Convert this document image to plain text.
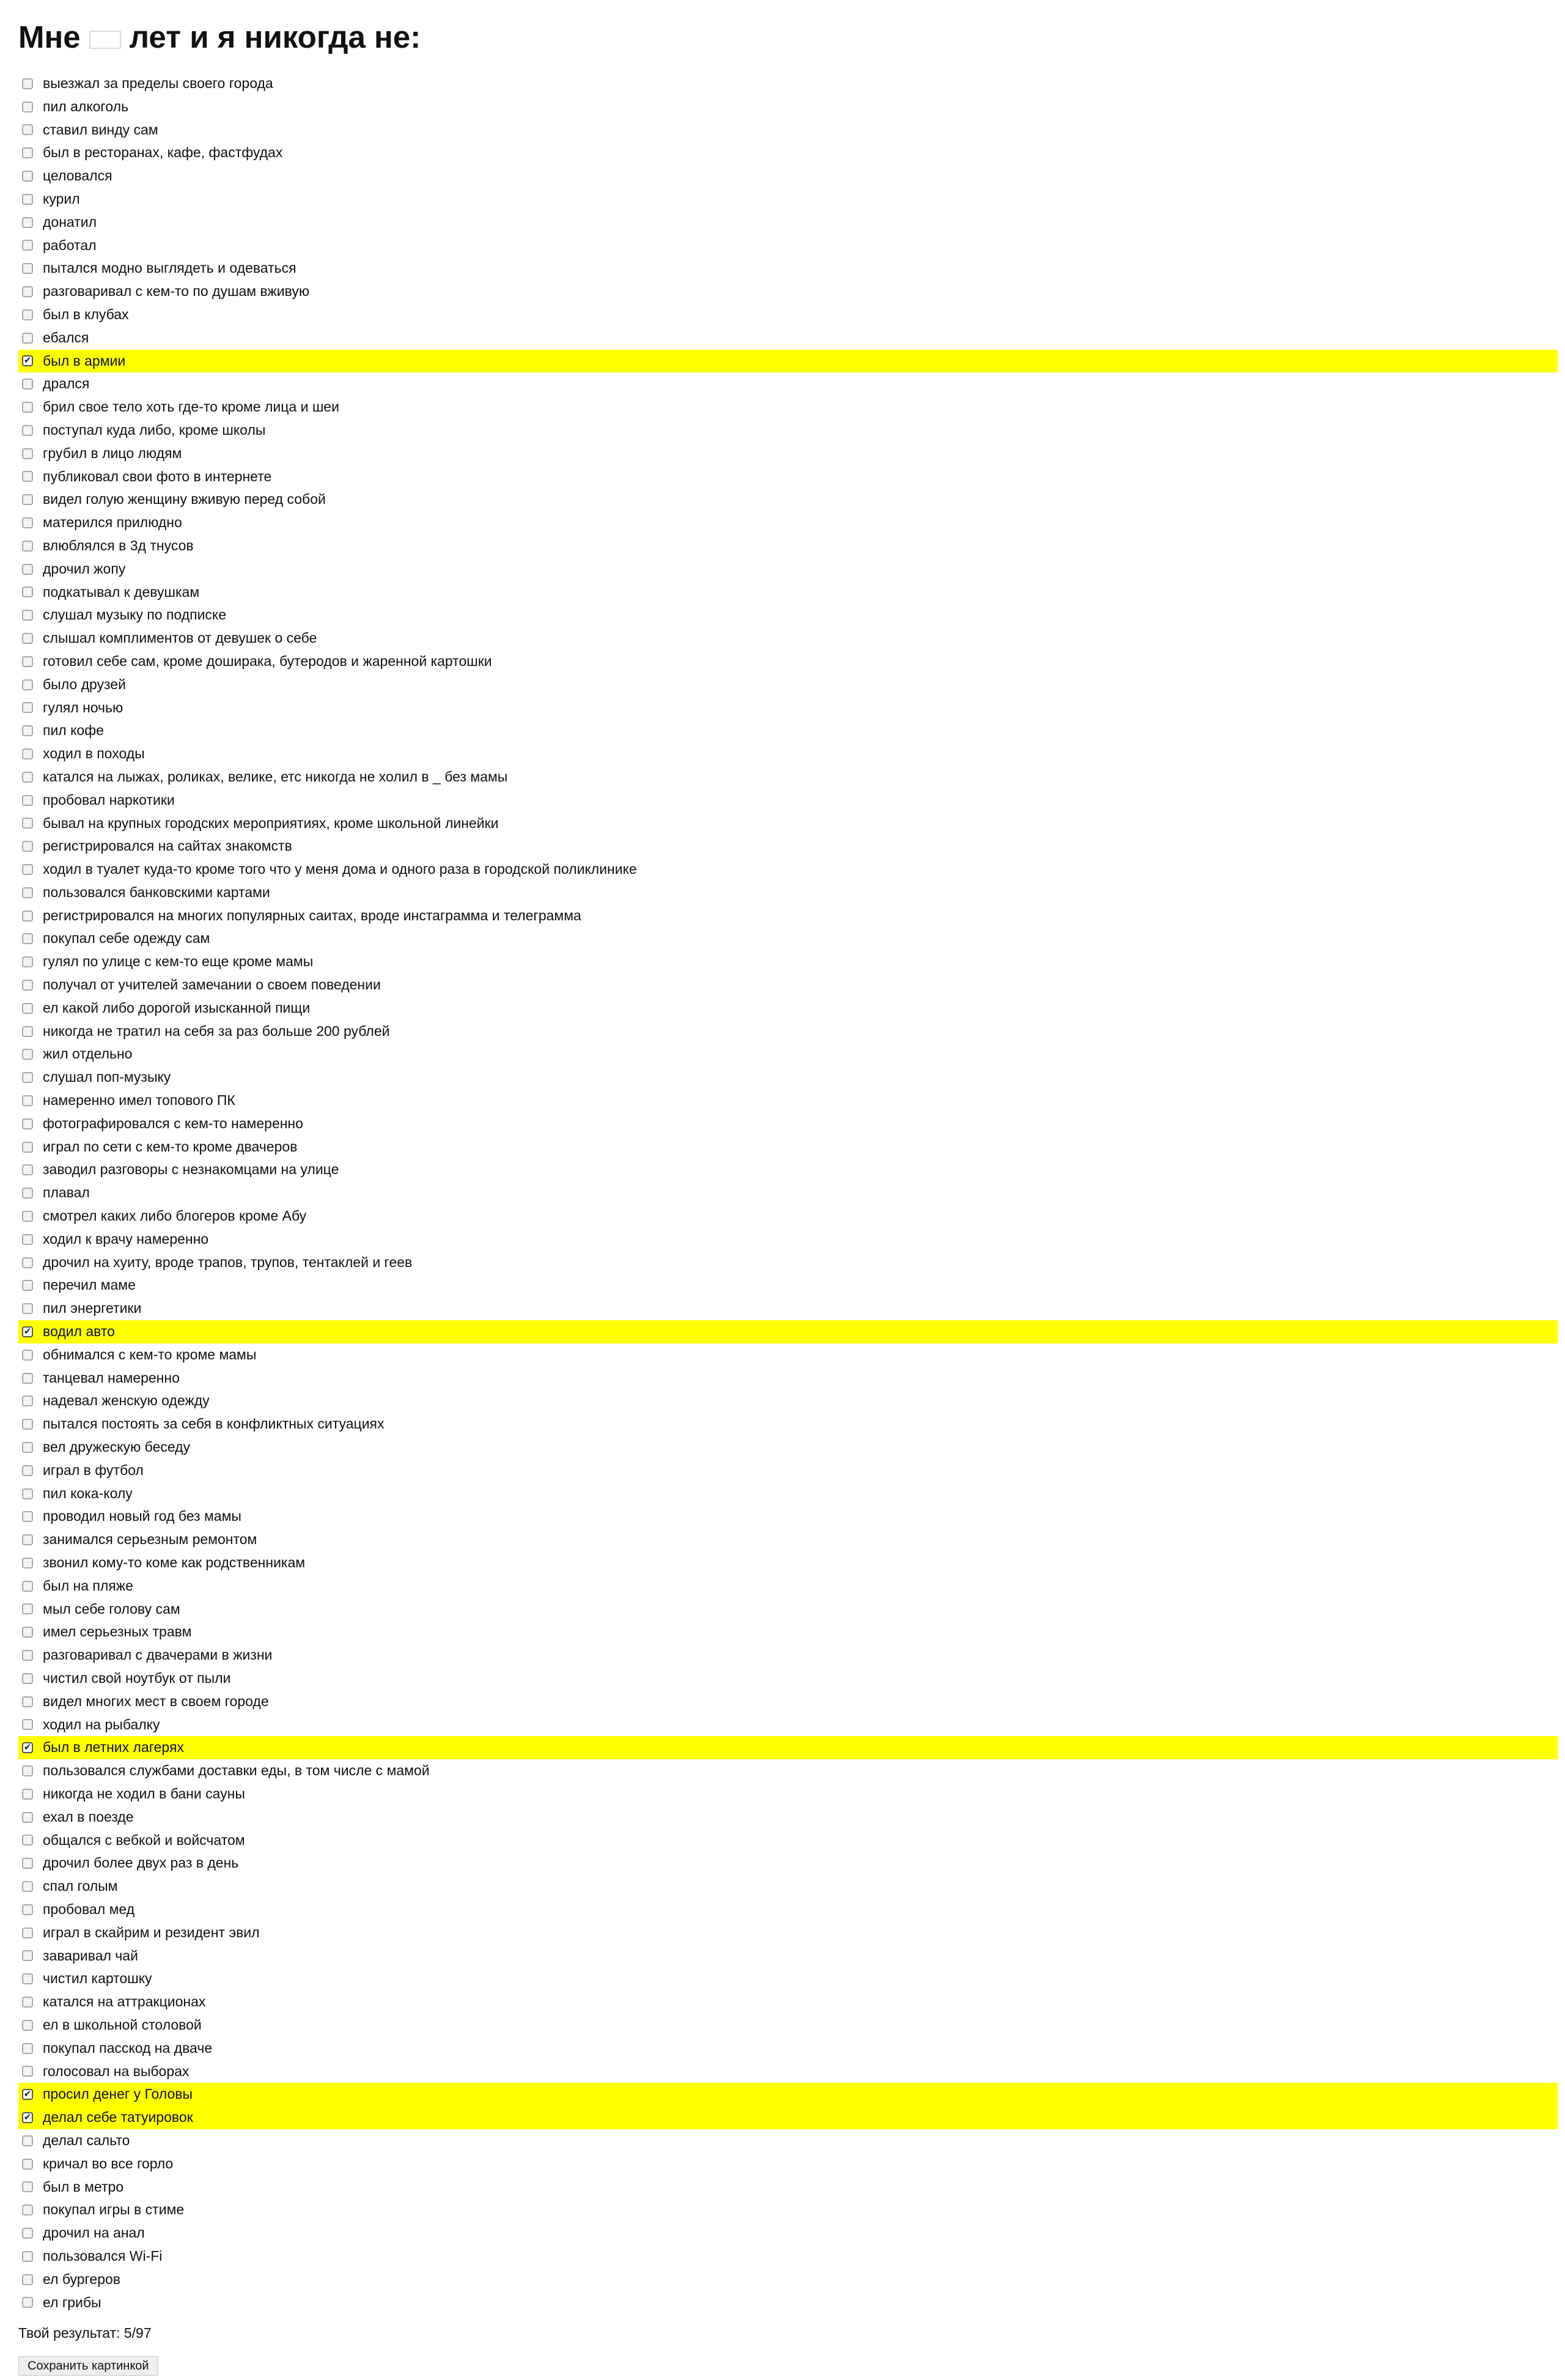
Мне лет и я никогда не:
выезжал за пределы своего города
пил алкоголь
ставил винду сам
был в ресторанах, кафе, фастфудах
целовался
курил
донатил
работал
пытался модно выглядеть и одеваться
разговаривал с кем-то по душам вживую
был в клубах
ебался
✔ был в армии
дрался
брил свое тело хоть где-то кроме лица и шеи
поступал куда либо, кроме школы
грубил в лицо людям
публиковал свои фото в интернете
видел голую женщину вживую перед собой
матерился прилюдно
влюблялся в 3д тнусов
дрочил жопу
подкатывал к девушкам
слушал музыку по подписке
слышал комплиментов от девушек о себе
готовил себе сам, кроме доширака, бутеродов и жаренной картошки
было друзей
гулял ночью
пил кофе
ходил в походы
катался на лыжах, роликах, велике, етс никогда не холил в _ без мамы
пробовал наркотики
бывал на крупных городских мероприятиях, кроме школьной линейки
регистрировался на сайтах знакомств
ходил в туалет куда-то кроме того что у меня дома и одного раза в городской поликлинике
пользовался банковскими картами
регистрировался на многих популярных саитах, вроде инстаграмма и телеграмма
покупал себе одежду сам
гулял по улице с кем-то еще кроме мамы
получал от учителей замечании о своем поведении
ел какой либо дорогой изысканной пищи
никогда не тратил на себя за раз больше 200 рублей
жил отдельно
слушал поп-музыку
намеренно имел топового ПК
фотографировался с кем-то намеренно
играл по сети с кем-то кроме двачеров
заводил разговоры с незнакомцами на улице
плавал
смотрел каких либо блогеров кроме Абу
ходил к врачу намеренно
дрочил на хуиту, вроде трапов, трупов, тентаклей и геев
перечил маме
пил энергетики
✔ водил авто
обнимался с кем-то кроме мамы
танцевал намеренно
надевал женскую одежду
пытался постоять за себя в конфликтных ситуациях
вел дружескую беседу
играл в футбол
пил кока-колу
проводил новый год без мамы
занимался серьезным ремонтом
звонил кому-то коме как родственникам
был на пляже
мыл себе голову сам
имел серьезных травм
разговаривал с двачерами в жизни
чистил свой ноутбук от пыли
видел многих мест в своем городе
ходил на рыбалку
✔ был в летних лагерях
пользовался службами доставки еды, в том числе с мамой
никогда не ходил в бани сауны
ехал в поезде
общался с вебкой и войсчатом
дрочил более двух раз в день
спал голым
пробовал мед
играл в скайрим и резидент эвил
заваривал чай
чистил картошку
катался на аттракционах
ел в школьной столовой
покупал пасскод на дваче
голосовал на выборах
✔ просил денег у Головы
✔ делал себе татуировок
делал сальто
кричал во все горло
был в метро
покупал игры в стиме
дрочил на анал
пользовался Wi-Fi
ел бургеров
ел грибы
Твой результат: 5/97
Сохранить картинкой
